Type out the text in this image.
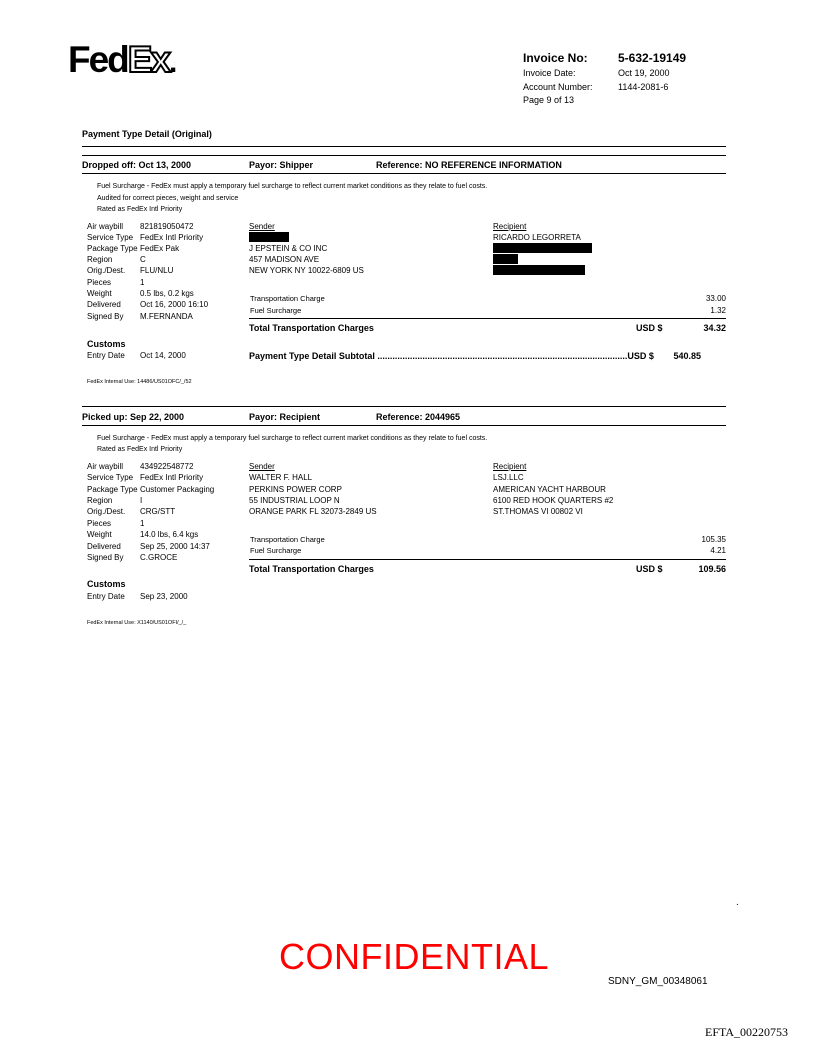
FedEx.	Invoice No:	5-632-19149
Invoice Date:	Oct 19, 2000
Account Number:	1144-2081-6
Page 9 of 13
Payment Type Detail (Original)
Dropped off: Oct 13, 2000	Payor: Shipper	Reference: NO REFERENCE INFORMATION
Fuel Surcharge - FedEx must apply a temporary fuel surcharge to reflect current market conditions as they relate to fuel costs.
Audited for correct pieces, weight and service
Rated as FedEx Intl Priority
Air waybill 821819050472
Service Type FedEx Intl Priority
Package Type FedEx Pak
Region	C
Orig./Dest. FLU/NLU
Pieces	1
Weight	0.5 lbs, 0.2 kgs
Delivered Oct 16, 2000 16:10
Signed By M.FERNANDA
Sender
J EPSTEIN & CO INC
457 MADISON AVE
NEW YORK NY 10022-6809 US
Recipient
RICARDO LEGORRETA
Transportation Charge	33.00
Fuel Surcharge	1.32
Total Transportation Charges	USD $	34.32
Customs
Entry Date Oct 14, 2000	Payment Type Detail Subtotal ....................................................................................................USD $ 540.85
FedEx Internal Use: 14486/US01OFC/_/52
Picked up: Sep 22, 2000	Payor: Recipient	Reference: 2044965
Fuel Surcharge - FedEx must apply a temporary fuel surcharge to reflect current market conditions as they relate to fuel costs.
Rated as FedEx Intl Priority
Air waybill 434922548772
Service Type FedEx Intl Priority
Package Type Customer Packaging
Region	I
Orig./Dest. CRG/STT
Pieces	1
Weight	14.0 lbs, 6.4 kgs
Delivered Sep 25, 2000 14:37
Signed By C.GROCE
Sender
WALTER F. HALL
PERKINS POWER CORP
55 INDUSTRIAL LOOP N
ORANGE PARK FL 32073-2849 US
Recipient
LSJ.LLC
AMERICAN YACHT HARBOUR
6100 RED HOOK QUARTERS #2
ST.THOMAS VI 00802 VI
Transportation Charge	105.35
Fuel Surcharge	4.21
Total Transportation Charges	USD $	109.56
Customs
Entry Date Sep 23, 2000
FedEx Internal Use: X1140/US01OFI/_/_
.
CONFIDENTIAL
SDNY_GM_00348061
EFTA_00220753
